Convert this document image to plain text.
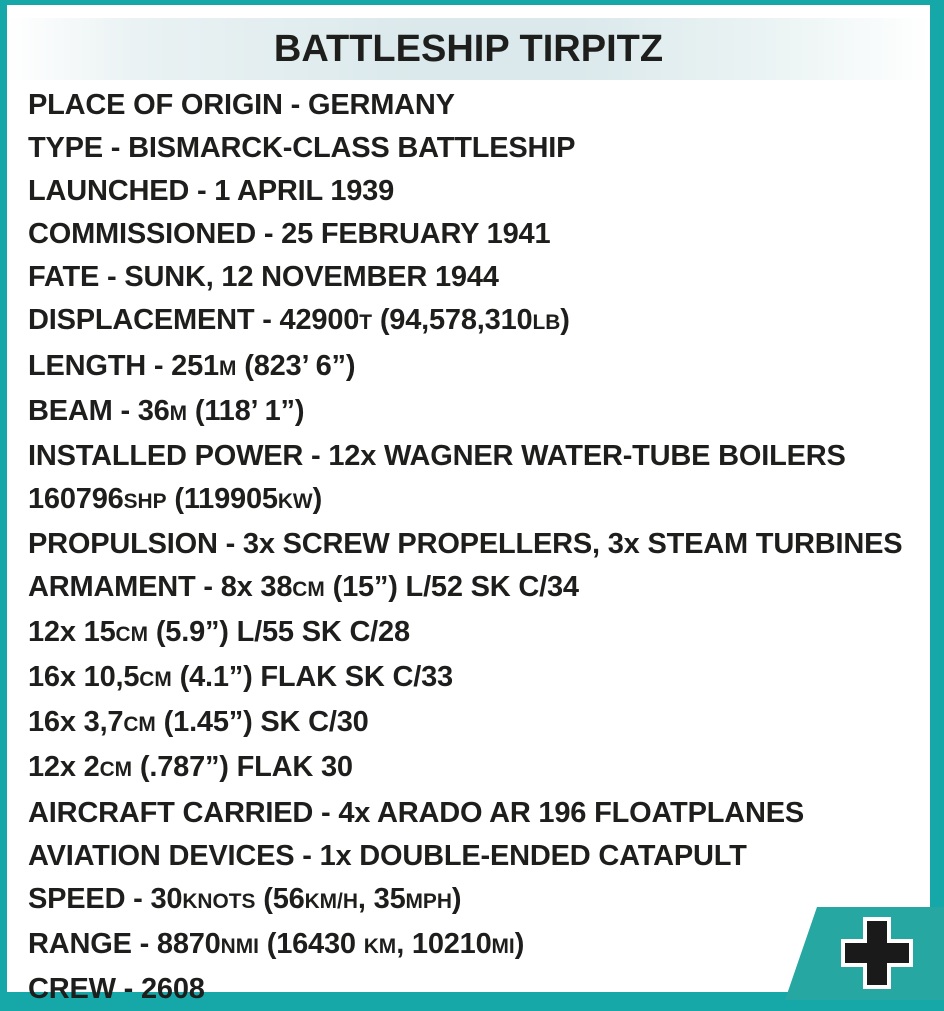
BATTLESHIP TIRPITZ
PLACE OF ORIGIN - GERMANY
TYPE - BISMARCK-CLASS BATTLESHIP
LAUNCHED - 1 APRIL 1939
COMMISSIONED - 25 FEBRUARY 1941
FATE - SUNK, 12 NOVEMBER 1944
DISPLACEMENT - 42900T (94,578,310LB)
LENGTH - 251M (823’ 6”)
BEAM - 36M (118’ 1”)
INSTALLED POWER - 12x WAGNER WATER-TUBE BOILERS
160796SHP (119905KW)
PROPULSION - 3x SCREW PROPELLERS, 3x STEAM TURBINES
ARMAMENT - 8x 38CM (15”) L/52 SK C/34
12x 15CM (5.9”) L/55 SK C/28
16x 10,5CM (4.1”) FLAK SK C/33
16x 3,7CM (1.45”) SK C/30
12x 2CM (.787”) FLAK 30
AIRCRAFT CARRIED - 4x ARADO AR 196 FLOATPLANES
AVIATION DEVICES - 1x DOUBLE-ENDED CATAPULT
SPEED - 30KNOTS (56KM/H, 35MPH)
RANGE - 8870NMI (16430 KM, 10210MI)
CREW - 2608
